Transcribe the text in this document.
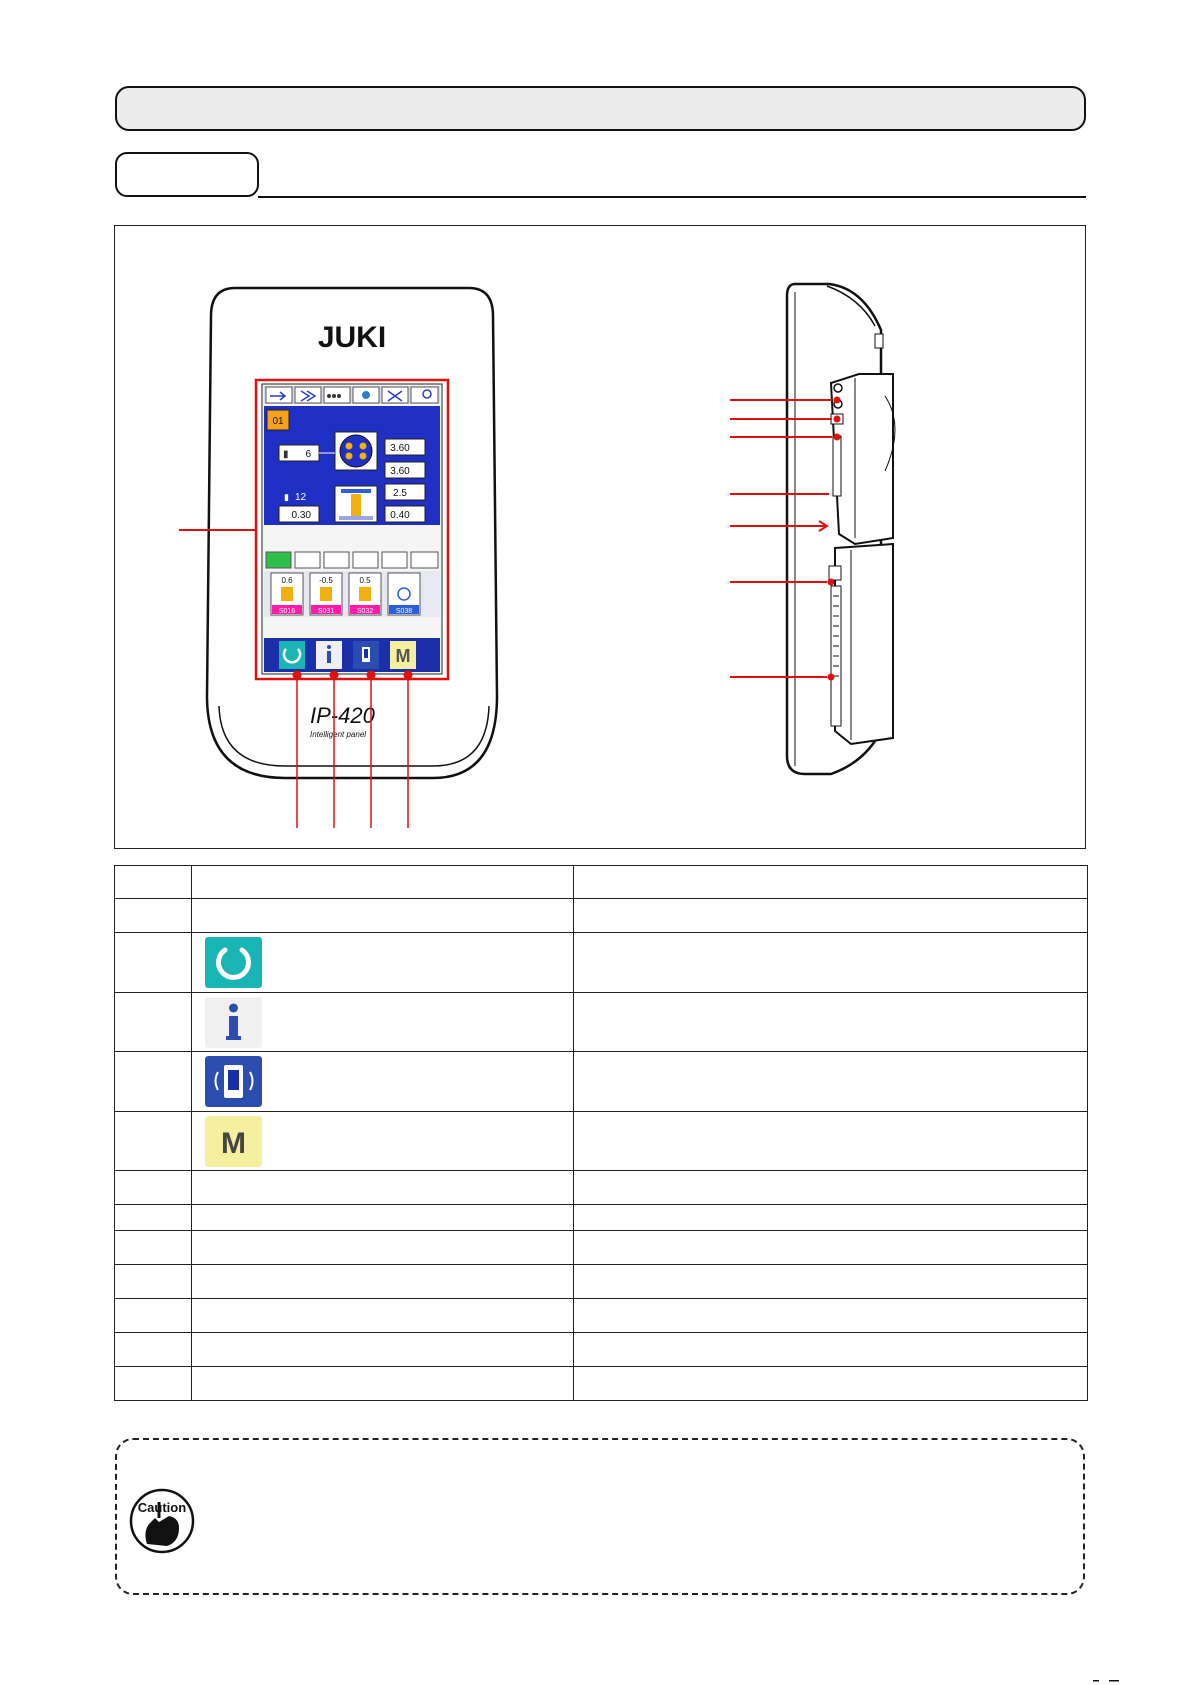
JUKI
01
▮ 6
▮ 12
0.30
3.60
3.60
2.5
0.40
0.6
S016
-0.5
S031
0.5
S032	S038
M
IP-420
Intelligent panel

M	

Caution
